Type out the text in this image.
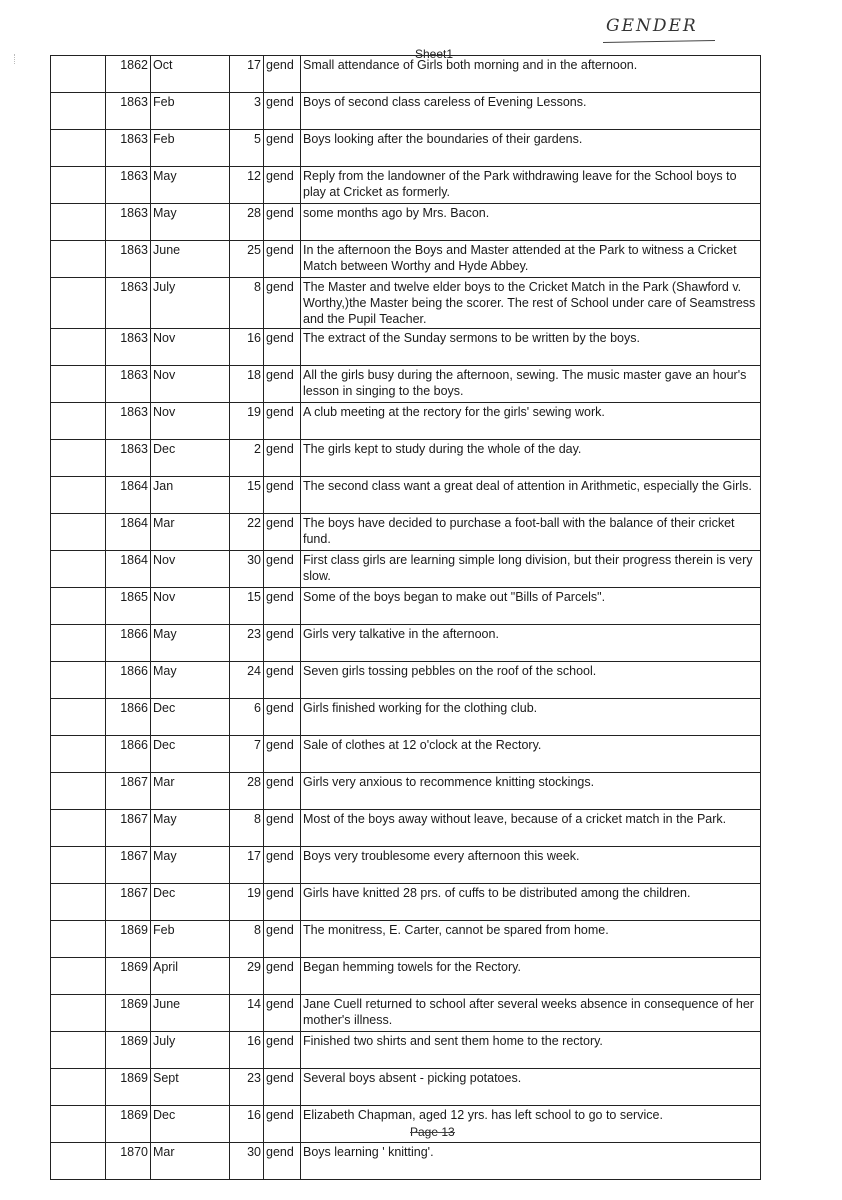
GENDER
Sheet1
	1862	Oct	17	gend	Small attendance of Girls both morning and in the afternoon.
	1863	Feb	3	gend	Boys of second class careless of Evening Lessons.
	1863	Feb	5	gend	Boys looking after the boundaries of their gardens.
	1863	May	12	gend	Reply from the landowner of the Park withdrawing leave for the School boys to play at Cricket as formerly.
	1863	May	28	gend	some months ago by Mrs. Bacon.
	1863	June	25	gend	In the afternoon the Boys and Master attended at the Park to witness a Cricket Match between Worthy and Hyde Abbey.
	1863	July	8	gend	The Master and twelve elder boys to the Cricket Match in the Park (Shawford v. Worthy,)the Master being the scorer. The rest of School under care of Seamstress and the Pupil Teacher.
	1863	Nov	16	gend	The extract of the Sunday sermons to be written by the boys.
	1863	Nov	18	gend	All the girls busy during the afternoon, sewing. The music master gave an hour's lesson in singing to the boys.
	1863	Nov	19	gend	A club meeting at the rectory for the girls' sewing work.
	1863	Dec	2	gend	The girls kept to study during the whole of the day.
	1864	Jan	15	gend	The second class want a great deal of attention in Arithmetic, especially the Girls.
	1864	Mar	22	gend	The boys have decided to purchase a foot-ball with the balance of their cricket fund.
	1864	Nov	30	gend	First class girls are learning simple long division, but their progress therein is very slow.
	1865	Nov	15	gend	Some of the boys began to make out "Bills of Parcels".
	1866	May	23	gend	Girls very talkative in the afternoon.
	1866	May	24	gend	Seven girls tossing pebbles on the roof of the school.
	1866	Dec	6	gend	Girls finished working for the clothing club.
	1866	Dec	7	gend	Sale of clothes at 12 o'clock at the Rectory.
	1867	Mar	28	gend	Girls very anxious to recommence knitting stockings.
	1867	May	8	gend	Most of the boys away without leave, because of a cricket match in the Park.
	1867	May	17	gend	Boys very troublesome every afternoon this week.
	1867	Dec	19	gend	Girls have knitted 28 prs. of cuffs to be distributed among the children.
	1869	Feb	8	gend	The monitress, E. Carter, cannot be spared from home.
	1869	April	29	gend	Began hemming towels for the Rectory.
	1869	June	14	gend	Jane Cuell returned to school after several weeks absence in consequence of her mother's illness.
	1869	July	16	gend	Finished two shirts and sent them home to the rectory.
	1869	Sept	23	gend	Several boys absent - picking potatoes.
	1869	Dec	16	gend	Elizabeth Chapman, aged 12 yrs. has left school to go to service.
	1870	Mar	30	gend	Boys learning ' knitting'.
Page 13
